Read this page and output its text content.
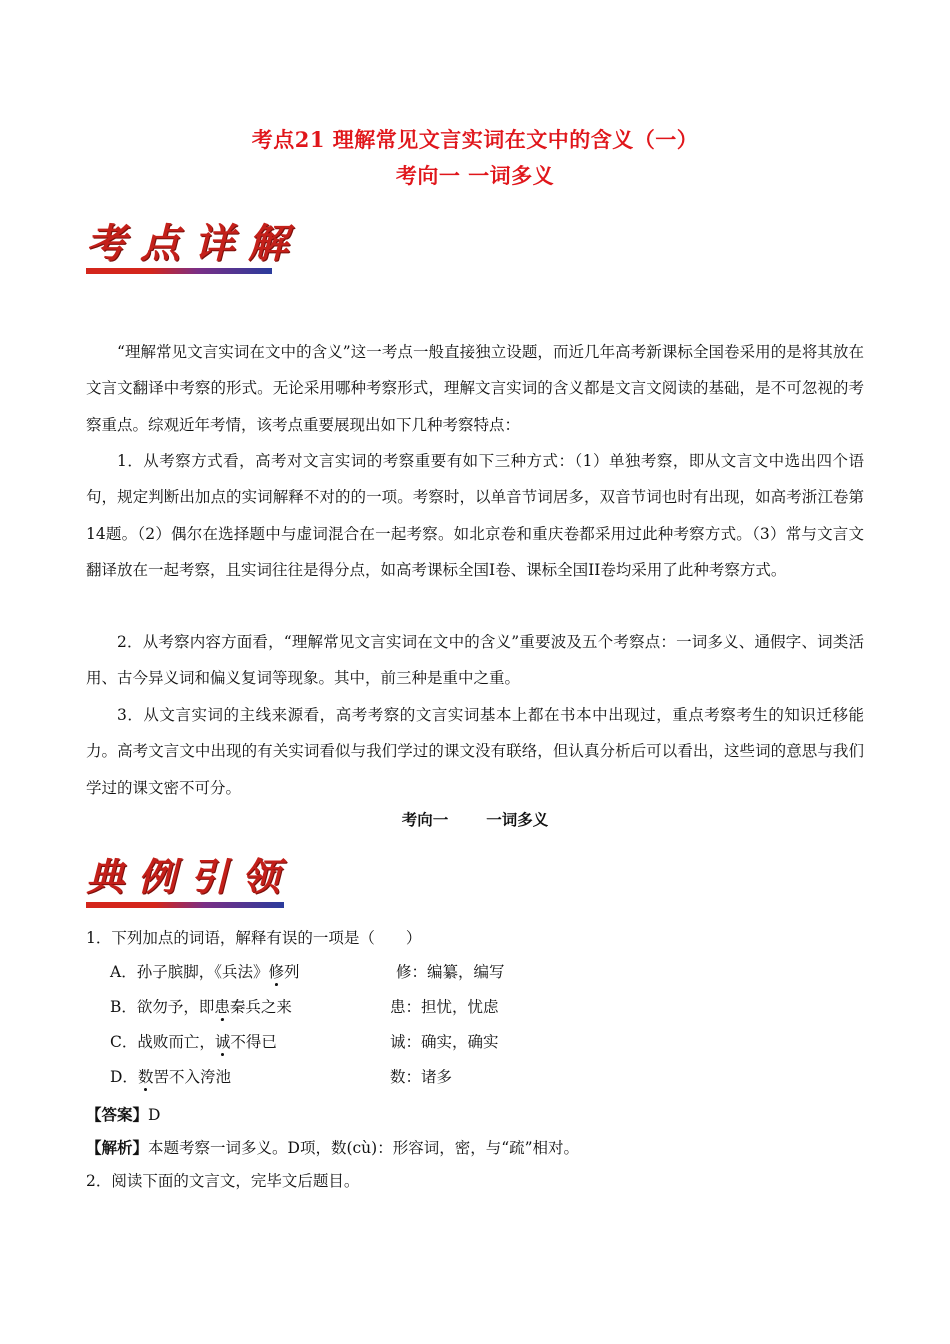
考点21 理解常见文言实词在文中的含义（一）
考向一 一词多义
考点详解

“理解常见文言实词在文中的含义”这一考点一般直接独立设题，而近几年高考新课标全国卷采用的是将其放在文言文翻译中考察的形式。无论采用哪种考察形式，理解文言实词的含义都是文言文阅读的基础，是不可忽视的考察重点。综观近年考情，该考点重要展现出如下几种考察特点：

1．从考察方式看，高考对文言实词的考察重要有如下三种方式：（1）单独考察，即从文言文中选出四个语句，规定判断出加点的实词解释不对的的一项。考察时，以单音节词居多，双音节词也时有出现，如高考浙江卷第14题。（2）偶尔在选择题中与虚词混合在一起考察。如北京卷和重庆卷都采用过此种考察方式。（3）常与文言文翻译放在一起考察，且实词往往是得分点，如高考课标全国Ⅰ卷、课标全国II卷均采用了此种考察方式。

2．从考察内容方面看，“理解常见文言实词在文中的含义”重要波及五个考察点：一词多义、通假字、词类活用、古今异义词和偏义复词等现象。其中，前三种是重中之重。

3．从文言实词的主线来源看，高考考察的文言实词基本上都在书本中出现过，重点考察考生的知识迁移能力。高考文言文中出现的有关实词看似与我们学过的课文没有联络，但认真分析后可以看出，这些词的意思与我们学过的课文密不可分。

考向一 一词多义
典例引领
1．下列加点的词语，解释有误的一项是（　　）
A．孙子膑脚，《兵法》修列	修：编纂，编写
B．欲勿予，即患秦兵之来	患：担忧，忧虑
C．战败而亡，诚不得已	诚：确实，确实
D．数罟不入洿池	数：诸多
【答案】D
【解析】本题考察一词多义。D项，数(cù)：形容词，密，与“疏”相对。
2．阅读下面的文言文，完毕文后题目。
